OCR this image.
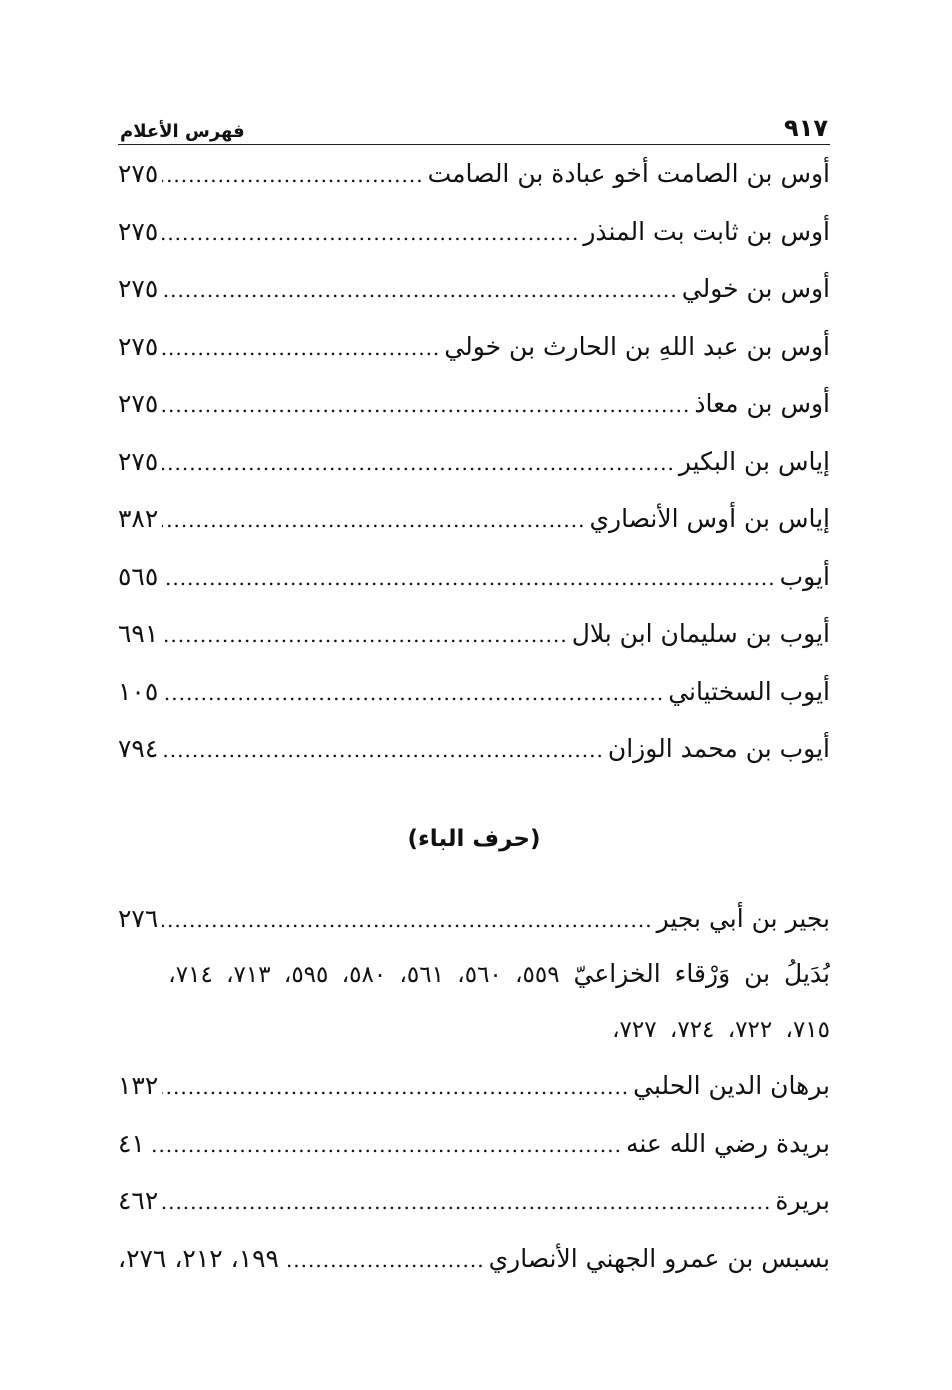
٩١٧
فهرس الأعلام
أوس بن الصامت أخو عبادة بن الصامت
.....
٢٧٥
أوس بن ثابت بت المنذر
.....
٢٧٥
أوس بن خولي
.....
٢٧٥
أوس بن عبد اللهِ بن الحارث بن خولي
.....
٢٧٥
أوس بن معاذ
.....
٢٧٥
إياس بن البكير
.....
٢٧٥
إياس بن أوس الأنصاري
.....
٣٨٢
أيوب
.....
٥٦٥
أيوب بن سليمان ابن بلال
.....
٦٩١
أيوب السختياني
.....
١٠٥
أيوب بن محمد الوزان
.....
٧٩٤
(حرف الباء)
بجير بن أبي بجير
.....
٢٧٦
بُدَيلُ بن وَرْقاء الخزاعيّ ٥٥٩، ٥٦٠، ٥٦١، ٥٨٠، ٥٩٥، ٧١٣، ٧١٤، ٧١٥، ٧٢٢، ٧٢٤، ٧٢٧،
برهان الدين الحلبي
.....
١٣٢
بريدة رضي الله عنه
.....
٤١
بريرة
.....
٤٦٢
بسبس بن عمرو الجهني الأنصاري
.....
١٩٩، ٢١٢، ٢٧٦،
